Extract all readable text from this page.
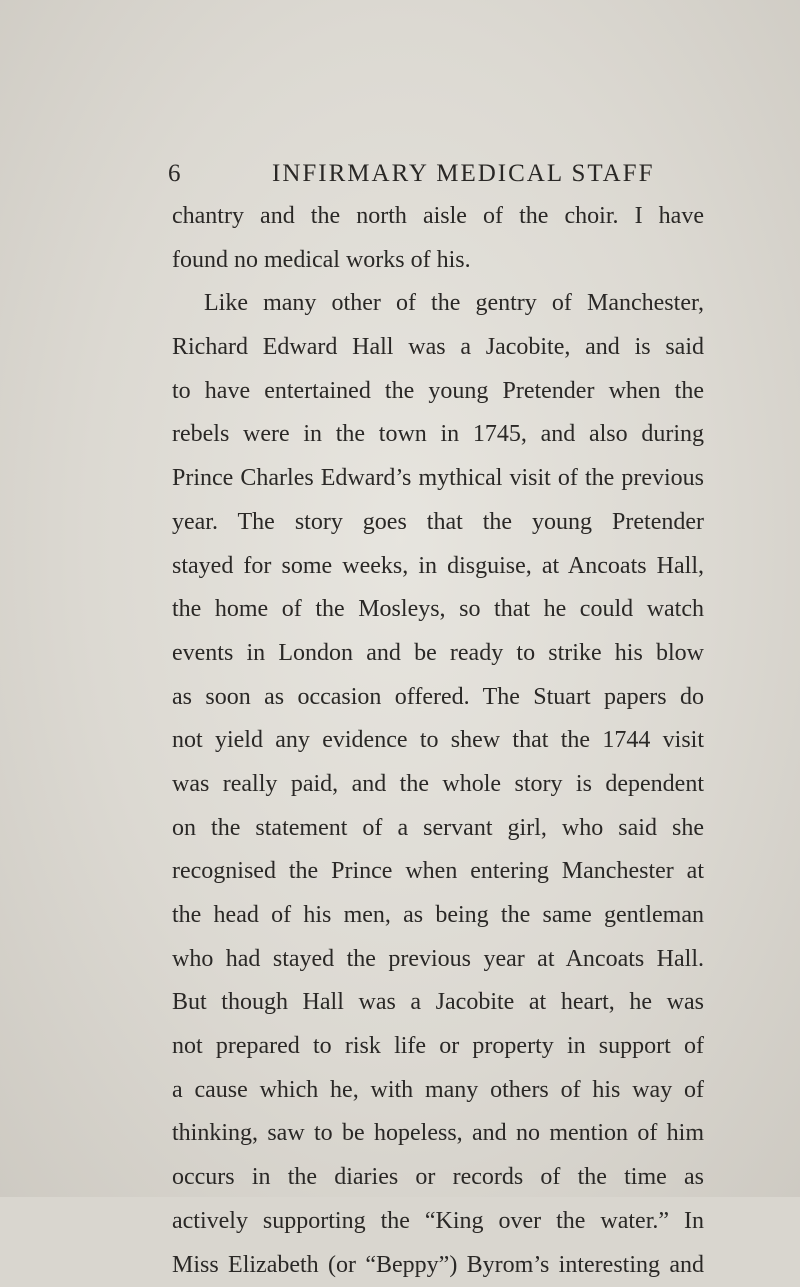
6	INFIRMARY MEDICAL STAFF
chantry and the north aisle of the choir. I have
found no medical works of his.
Like many other of the gentry of Manchester,
Richard Edward Hall was a Jacobite, and is said
to have entertained the young Pretender when the
rebels were in the town in 1745, and also during
Prince Charles Edward’s mythical visit of the previous
year. The story goes that the young Pretender
stayed for some weeks, in disguise, at Ancoats Hall,
the home of the Mosleys, so that he could watch
events in London and be ready to strike his blow
as soon as occasion offered. The Stuart papers do
not yield any evidence to shew that the 1744 visit
was really paid, and the whole story is dependent
on the statement of a servant girl, who said she
recognised the Prince when entering Manchester at
the head of his men, as being the same gentleman
who had stayed the previous year at Ancoats Hall.
But though Hall was a Jacobite at heart, he was
not prepared to risk life or property in support of
a cause which he, with many others of his way of
thinking, saw to be hopeless, and no mention of him
occurs in the diaries or records of the time as
actively supporting the “King over the water.” In
Miss Elizabeth (or “Beppy”) Byrom’s interesting and
